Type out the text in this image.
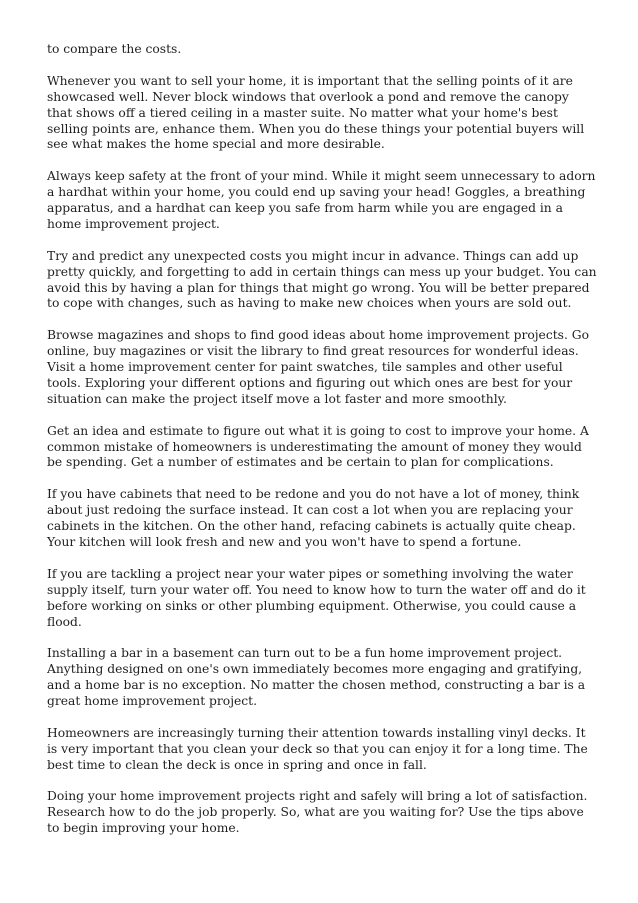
to compare the costs.

Whenever you want to sell your home, it is important that the selling points of it are showcased well. Never block windows that overlook a pond and remove the canopy that shows off a tiered ceiling in a master suite. No matter what your home's best selling points are, enhance them. When you do these things your potential buyers will see what makes the home special and more desirable.

Always keep safety at the front of your mind. While it might seem unnecessary to adorn a hardhat within your home, you could end up saving your head! Goggles, a breathing apparatus, and a hardhat can keep you safe from harm while you are engaged in a home improvement project.

Try and predict any unexpected costs you might incur in advance. Things can add up pretty quickly, and forgetting to add in certain things can mess up your budget. You can avoid this by having a plan for things that might go wrong. You will be better prepared to cope with changes, such as having to make new choices when yours are sold out.

Browse magazines and shops to find good ideas about home improvement projects. Go online, buy magazines or visit the library to find great resources for wonderful ideas. Visit a home improvement center for paint swatches, tile samples and other useful tools. Exploring your different options and figuring out which ones are best for your situation can make the project itself move a lot faster and more smoothly.

Get an idea and estimate to figure out what it is going to cost to improve your home. A common mistake of homeowners is underestimating the amount of money they would be spending. Get a number of estimates and be certain to plan for complications.

If you have cabinets that need to be redone and you do not have a lot of money, think about just redoing the surface instead. It can cost a lot when you are replacing your cabinets in the kitchen. On the other hand, refacing cabinets is actually quite cheap. Your kitchen will look fresh and new and you won't have to spend a fortune.

If you are tackling a project near your water pipes or something involving the water supply itself, turn your water off. You need to know how to turn the water off and do it before working on sinks or other plumbing equipment. Otherwise, you could cause a flood.

Installing a bar in a basement can turn out to be a fun home improvement project. Anything designed on one's own immediately becomes more engaging and gratifying, and a home bar is no exception. No matter the chosen method, constructing a bar is a great home improvement project.

Homeowners are increasingly turning their attention towards installing vinyl decks. It is very important that you clean your deck so that you can enjoy it for a long time. The best time to clean the deck is once in spring and once in fall.

Doing your home improvement projects right and safely will bring a lot of satisfaction. Research how to do the job properly. So, what are you waiting for? Use the tips above to begin improving your home.
